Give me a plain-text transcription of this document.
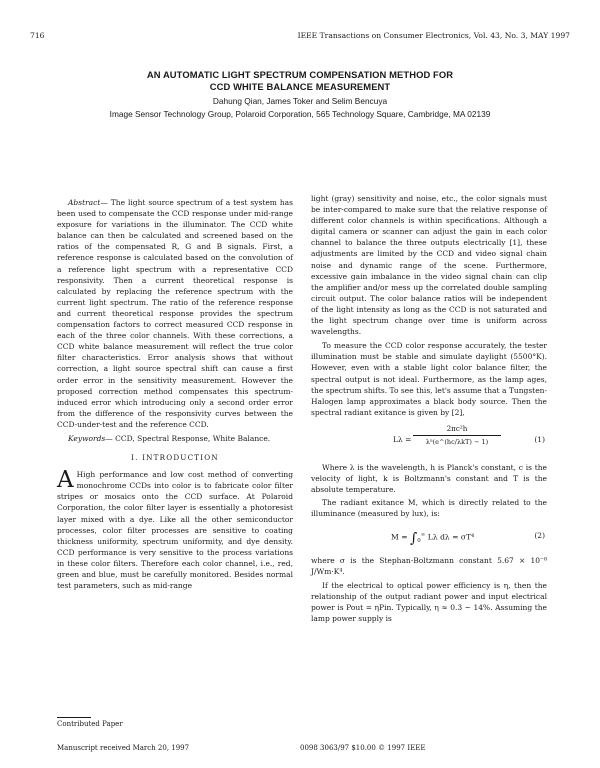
716	IEEE Transactions on Consumer Electronics, Vol. 43, No. 3, MAY 1997
AN AUTOMATIC LIGHT SPECTRUM COMPENSATION METHOD FOR
CCD WHITE BALANCE MEASUREMENT
Dahung Qian, James Toker and Selim Bencuya
Image Sensor Technology Group, Polaroid Corporation, 565 Technology Square, Cambridge, MA 02139

Abstract— The light source spectrum of a test system has been used to compensate the CCD response under mid-range exposure for variations in the illuminator. The CCD white balance can then be calculated and screened based on the ratios of the compensated R, G and B signals. First, a reference response is calculated based on the convolution of a reference light spectrum with a representative CCD responsivity. Then a current theoretical response is calculated by replacing the reference spectrum with the current light spectrum. The ratio of the reference response and current theoretical response provides the spectrum compensation factors to correct measured CCD response in each of the three color channels. With these corrections, a CCD white balance measurement will reflect the true color filter characteristics. Error analysis shows that without correction, a light source spectral shift can cause a first order error in the sensitivity measurement. However the proposed correction method compensates this spectrum-induced error which introducing only a second order error from the difference of the responsivity curves between the CCD-under-test and the reference CCD.

Keywords— CCD, Spectral Response, White Balance.

I. INTRODUCTION

A High performance and low cost method of converting monochrome CCDs into color is to fabricate color filter stripes or mosaics onto the CCD surface. At Polaroid Corporation, the color filter layer is essentially a photoresist layer mixed with a dye. Like all the other semiconductor processes, color filter processes are sensitive to coating thickness uniformity, spectrum uniformity, and dye density. CCD performance is very sensitive to the process variations in these color filters. Therefore each color channel, i.e., red, green and blue, must be carefully monitored. Besides normal test parameters, such as mid-range

light (gray) sensitivity and noise, etc., the color signals must be inter-compared to make sure that the relative response of different color channels is within specifications. Although a digital camera or scanner can adjust the gain in each color channel to balance the three outputs electrically [1], these adjustments are limited by the CCD and video signal chain noise and dynamic range of the scene. Furthermore, excessive gain imbalance in the video signal chain can clip the amplifier and/or mess up the correlated double sampling circuit output. The color balance ratios will be independent of the light intensity as long as the CCD is not saturated and the light spectrum change over time is uniform across wavelengths.

To measure the CCD color response accurately, the tester illumination must be stable and simulate daylight (5500°K). However, even with a stable light color balance filter, the spectral output is not ideal. Furthermore, as the lamp ages, the spectrum shifts. To see this, let's assume that a Tungsten-Halogen lamp approximates a black body source. Then the spectral radiant exitance is given by [2],

Lλ =
2πc²h
λ⁵(e^(hc/λkT) − 1)	(1)

Where λ is the wavelength, h is Planck's constant, c is the velocity of light, k is Boltzmann's constant and T is the absolute temperature.

The radiant exitance M, which is directly related to the illuminance (measured by lux), is:

$M = \int_0^\infty$ Lλ dλ = σT⁴	(2)

where σ is the Stephan-Boltzmann constant 5.67 × 10⁻⁸ J/Wm·K⁴.

If the electrical to optical power efficiency is η, then the relationship of the output radiant power and input electrical power is Pout = ηPin. Typically, η ≈ 0.3 ~ 14%. Assuming the lamp power supply is

Contributed Paper
Manuscript received March 20, 1997	0098 3063/97 $10.00 © 1997 IEEE
